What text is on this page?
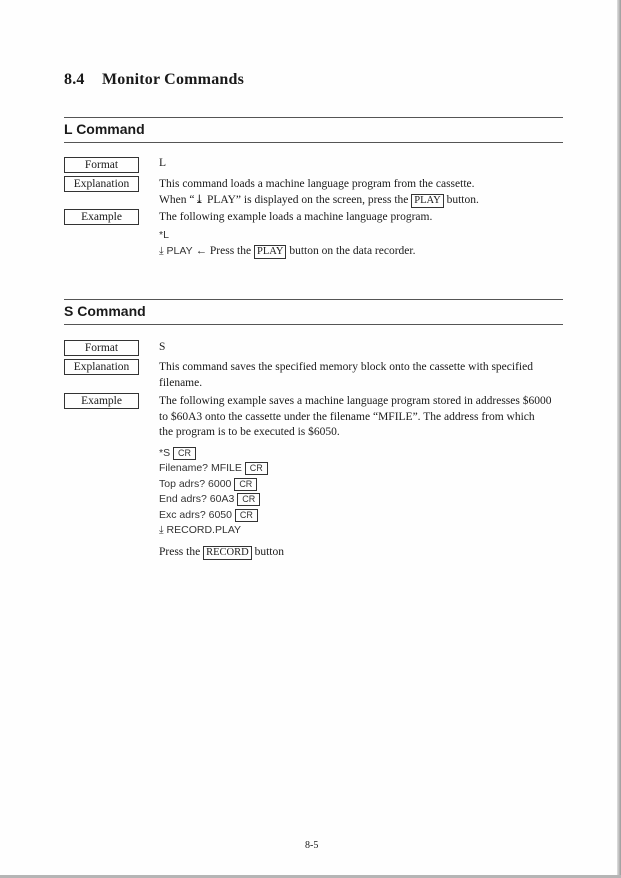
8.4 Monitor Commands
L Command
Format	L
Explanation	This command loads a machine language program from the cassette.
When “⤓ PLAY” is displayed on the screen, press the PLAY button.
Example	The following example loads a machine language program.
*L
⤓ PLAY ← Press the PLAY button on the data recorder.
S Command
Format	S
Explanation	This command saves the specified memory block onto the cassette with specified
filename.
Example	The following example saves a machine language program stored in addresses $6000
to $60A3 onto the cassette under the filename “MFILE”. The address from which
the program is to be executed is $6050.
*S CR
Filename? MFILE CR
Top adrs? 6000 CR
End adrs? 60A3 CR
Exc adrs? 6050 CR
⤓ RECORD.PLAY
Press the RECORD button
8-5
